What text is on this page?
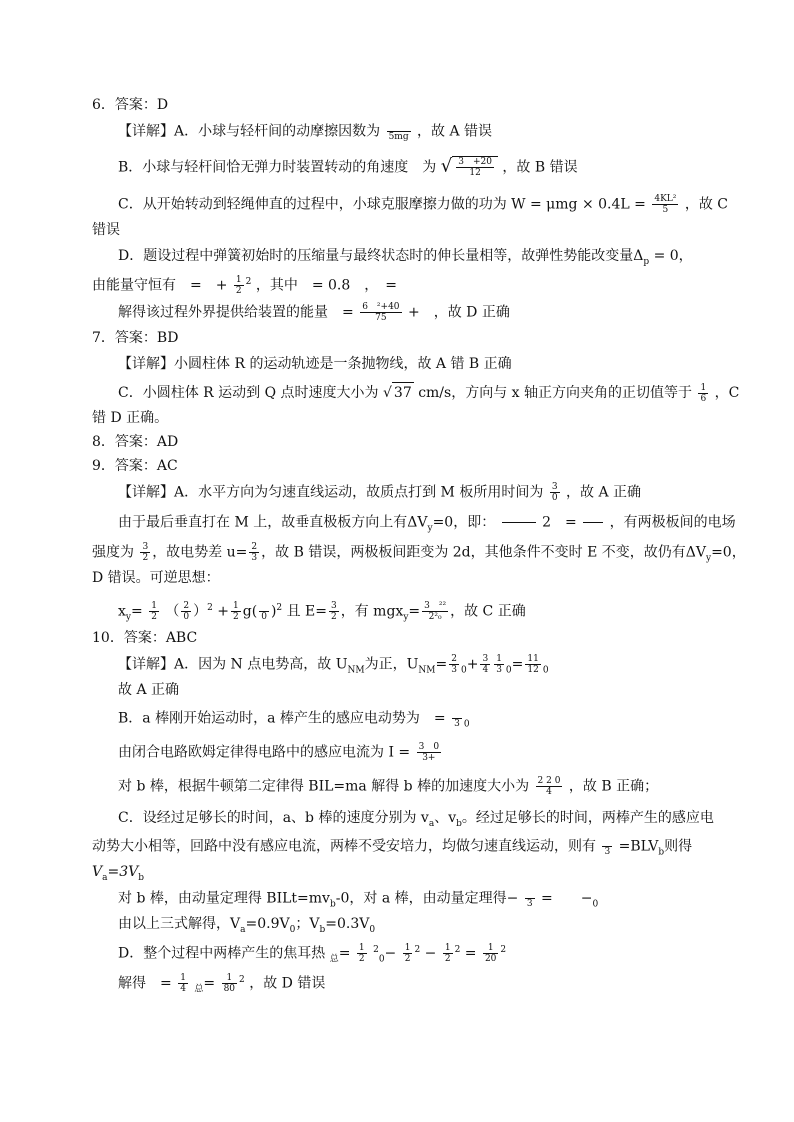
6．答案：D
【详解】A．小球与轻杆间的动摩擦因数为
5mg ，故 A 错误
B．小球与轻杆间恰无弹力时装置转动的角速度　为 √ $\frac{3 +20}{12}$ ，故 B 错误
C．从开始转动到轻绳伸直的过程中，小球克服摩擦力做的功为 $W = \mu mg \times 0.4L = \frac{\text{4KL²}}{5}$ ，故 C
错误
D．题设过程中弹簧初始时的压缩量与最终状态时的伸长量相等，故弹性势能改变量$\Delta_p = 0$，
由能量守恒有　=　+ $\frac{1}{2} ^2$ ，其中　= 0.8　，　=
解得该过程外界提供给装置的能量　= $\frac{\text{6　²+40}}{75}$ +　，故 D 正确
7．答案：BD
【详解】小圆柱体 R 的运动轨迹是一条抛物线，故 A 错 B 正确
C．小圆柱体 R 运动到 Q 点时速度大小为 √ 37 cm/s，方向与 x 轴正方向夹角的正切值等于 $\frac{1}{6}$ ，C
错 D 正确。
8．答案：AD
9．答案：AC
【详解】A．水平方向为匀速直线运动，故质点打到 M 板所用时间为 $\frac{3}{0}$ ，故 A 正确
由于最后垂直打在 M 上，故垂直极板方向上有$\Delta V_y=0$，即：

	2　=

，有两极板间的电场
强度为 $\frac{3}{2}$ ，故电势差 $u= \frac{2}{3}$ ，故 B 错误，两极板间距变为 2d，其他条件不变时 E 不变，故仍有$\Delta V_y=0$，
D 错误。可逆思想：
$x_y= \frac{1}{2}$ （ $\frac{2}{0} )^2 + \frac{1}{2} g$(
0 )$^2$ 且 $E= \frac{3}{2}$ ，有 $mgx_y= \frac{\text{3　²²}}{\text{2²₀}}$ ，故 C 正确
10．答案：ABC
【详解】A．因为 N 点电势高，故 $U_{NM}$为正，$U_{NM}= \frac{2}{3} _0+ \frac{3}{4} \frac{1}{3} _0= \frac{11}{12} _0$
故 A 正确
B．a 棒刚开始运动时，a 棒产生的感应电动势为　=
3 $_0$
由闭合电路欧姆定律得电路中的感应电流为 $I = \frac{3 0}{3+}$
对 b 棒，根据牛顿第二定律得 BIL=ma 解得 b 棒的加速度大小为 $\frac{2 2 0}{4}$ ，故 B 正确；
C．设经过足够长的时间，a、b 棒的速度分别为 $v_a$、$v_b$。经过足够长的时间，两棒产生的感应电
动势大小相等，回路中没有感应电流，两棒不受安培力，均做匀速直线运动，则有
$3 =BLV_b$则得
$V_a=3V_b$
对 b 棒，由动量定理得 $BILt=mv_b-0$，对 a 棒，由动量定理得−
3 =　　$-_0$
由以上三式解得，$V_a=0.9V_0$；$V_b=0.3V_0$
D．整个过程中两棒产生的焦耳热 $_总= \frac{1}{2} ^2_0- \frac{1}{2} ^2 - \frac{1}{2} ^2 = \frac{1}{20} ^2$
解得　= $\frac{1}{4} _总= \frac{1}{80} ^2$ ，故 D 错误
